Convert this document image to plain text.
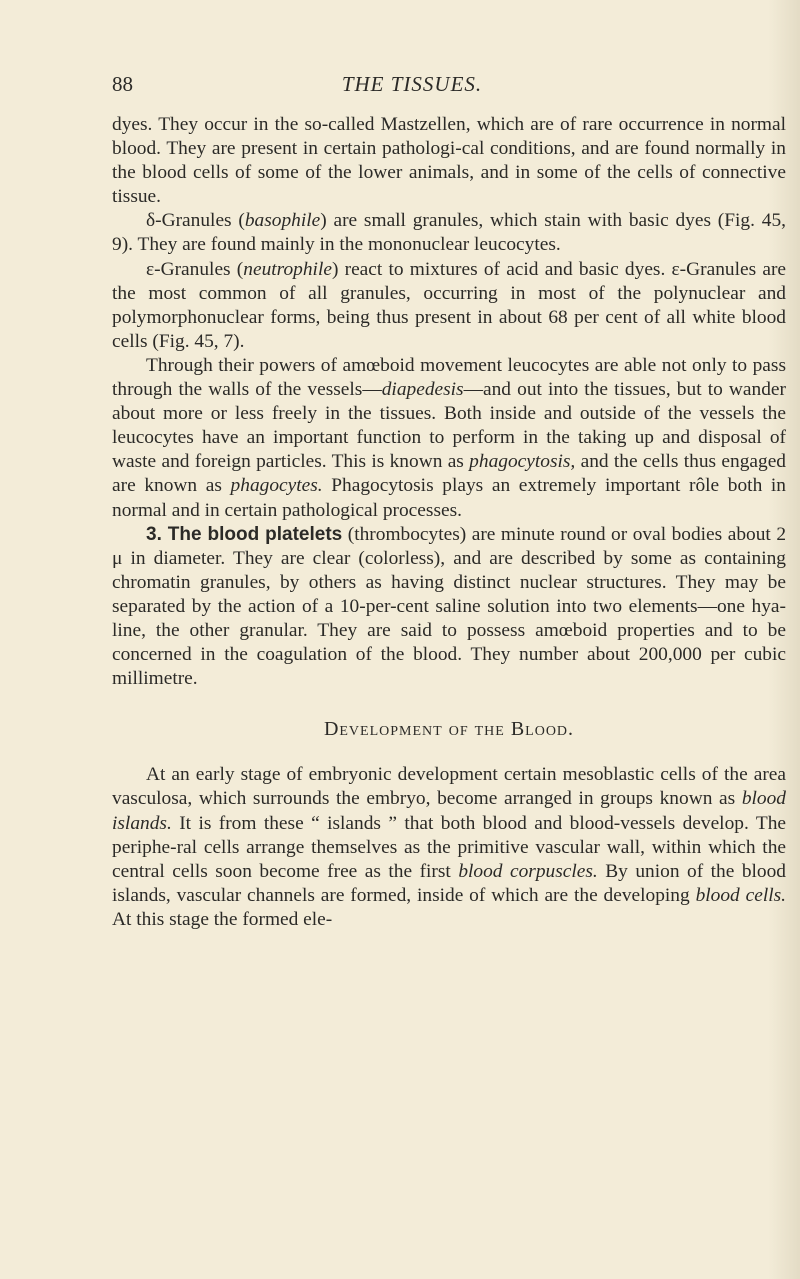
88	THE TISSUES.

dyes. They occur in the so-called Mastzellen, which are of rare occurrence in normal blood. They are present in certain pathologi-cal conditions, and are found normally in the blood cells of some of the lower animals, and in some of the cells of connective tissue.

δ-Granules (basophile) are small granules, which stain with basic dyes (Fig. 45, 9). They are found mainly in the mononuclear leucocytes.

ε-Granules (neutrophile) react to mixtures of acid and basic dyes. ε-Granules are the most common of all granules, occurring in most of the polynuclear and polymorphonuclear forms, being thus present in about 68 per cent of all white blood cells (Fig. 45, 7).

Through their powers of amœboid movement leucocytes are able not only to pass through the walls of the vessels—diapedesis—and out into the tissues, but to wander about more or less freely in the tissues. Both inside and outside of the vessels the leucocytes have an important function to perform in the taking up and disposal of waste and foreign particles. This is known as phagocytosis, and the cells thus engaged are known as phagocytes. Phagocytosis plays an extremely important rôle both in normal and in certain pathological processes.

3. The blood platelets (thrombocytes) are minute round or oval bodies about 2 μ in diameter. They are clear (colorless), and are described by some as containing chromatin granules, by others as having distinct nuclear structures. They may be separated by the action of a 10-per-cent saline solution into two elements—one hya-line, the other granular. They are said to possess amœboid properties and to be concerned in the coagulation of the blood. They number about 200,000 per cubic millimetre.

Development of the Blood.

At an early stage of embryonic development certain mesoblastic cells of the area vasculosa, which surrounds the embryo, become arranged in groups known as blood islands. It is from these “ islands ” that both blood and blood-vessels develop. The periphe-ral cells arrange themselves as the primitive vascular wall, within which the central cells soon become free as the first blood corpuscles. By union of the blood islands, vascular channels are formed, inside of which are the developing blood cells. At this stage the formed ele-
